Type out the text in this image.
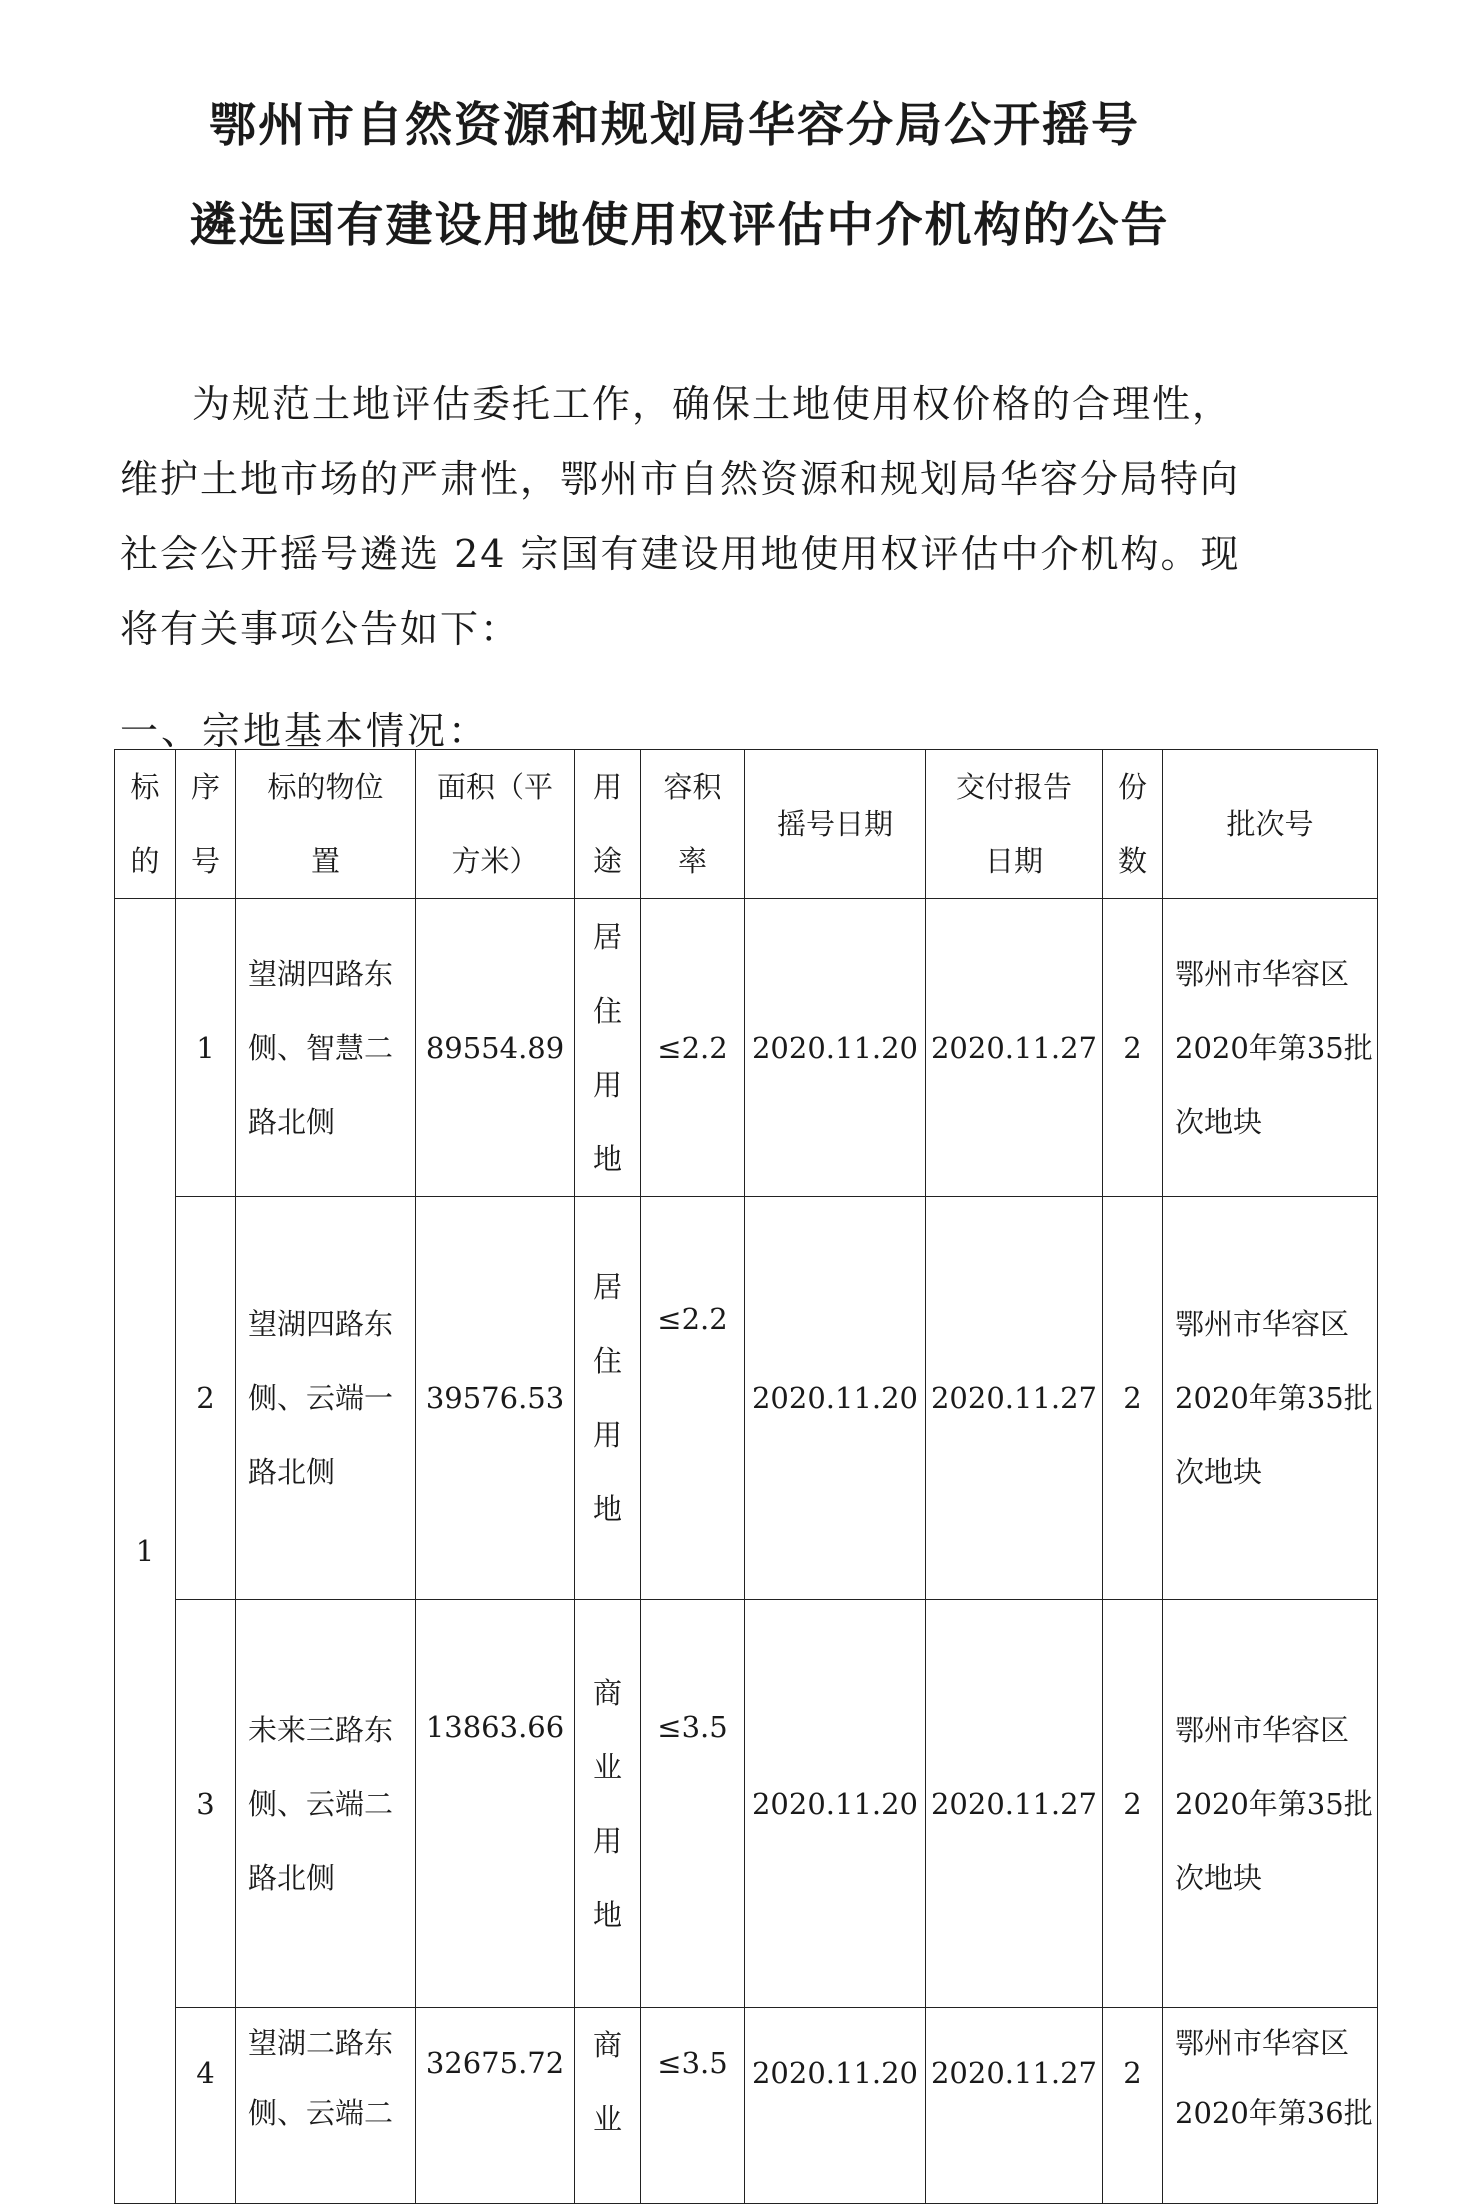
鄂州市自然资源和规划局华容分局公开摇号
遴选国有建设用地使用权评估中介机构的公告

为规范土地评估委托工作，确保土地使用权价格的合理性，

维护土地市场的严肃性，鄂州市自然资源和规划局华容分局特向

社会公开摇号遴选 24 宗国有建设用地使用权评估中介机构。现

将有关事项公告如下：

一、宗地基本情况：

标
的	序
号	标的物位
置	面积（平
方米）	用
途	容积
率	摇号日期	交付报告
日期	份
数	批次号
1	1	望湖四路东
侧、智慧二
路北侧	89554.89	居
住
用
地	≤2.2	2020.11.20	2020.11.27	2	鄂州市华容区
2020年第35批
次地块
	2	望湖四路东
侧、云端一
路北侧	39576.53	居
住
用
地	≤2.2	2020.11.20	2020.11.27	2	鄂州市华容区
2020年第35批
次地块
	3	未来三路东
侧、云端二
路北侧	13863.66	商
业
用
地	≤3.5	2020.11.20	2020.11.27	2	鄂州市华容区
2020年第35批
次地块
	4	望湖二路东
侧、云端二	32675.72	商
业	≤3.5	2020.11.20	2020.11.27	2	鄂州市华容区
2020年第36批
